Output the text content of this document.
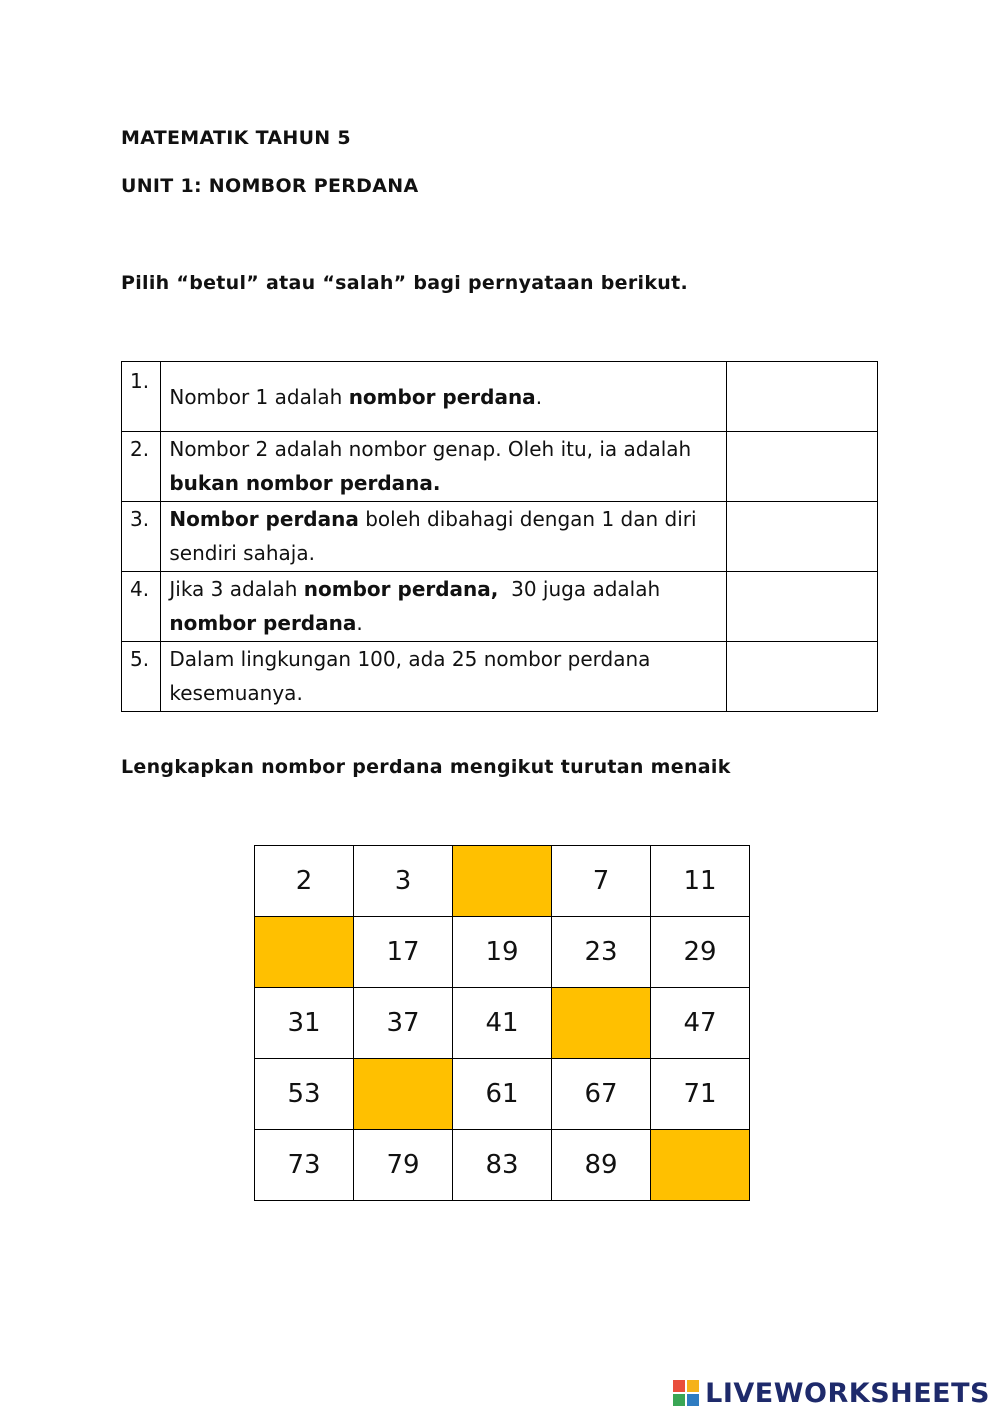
MATEMATIK TAHUN 5
UNIT 1: NOMBOR PERDANA
Pilih “betul” atau “salah” bagi pernyataan berikut.
1.	Nombor 1 adalah nombor perdana.	
2.	Nombor 2 adalah nombor genap. Oleh itu, ia adalah bukan nombor perdana.	
3.	Nombor perdana boleh dibahagi dengan 1 dan diri sendiri sahaja.	
4.	Jika 3 adalah nombor perdana,  30 juga adalah nombor perdana.	
5.	Dalam lingkungan 100, ada 25 nombor perdana kesemuanya.	
Lengkapkan nombor perdana mengikut turutan menaik
2	3		7	11
	17	19	23	29
31	37	41		47
53		61	67	71
73	79	83	89	
LIVEWORKSHEETS
